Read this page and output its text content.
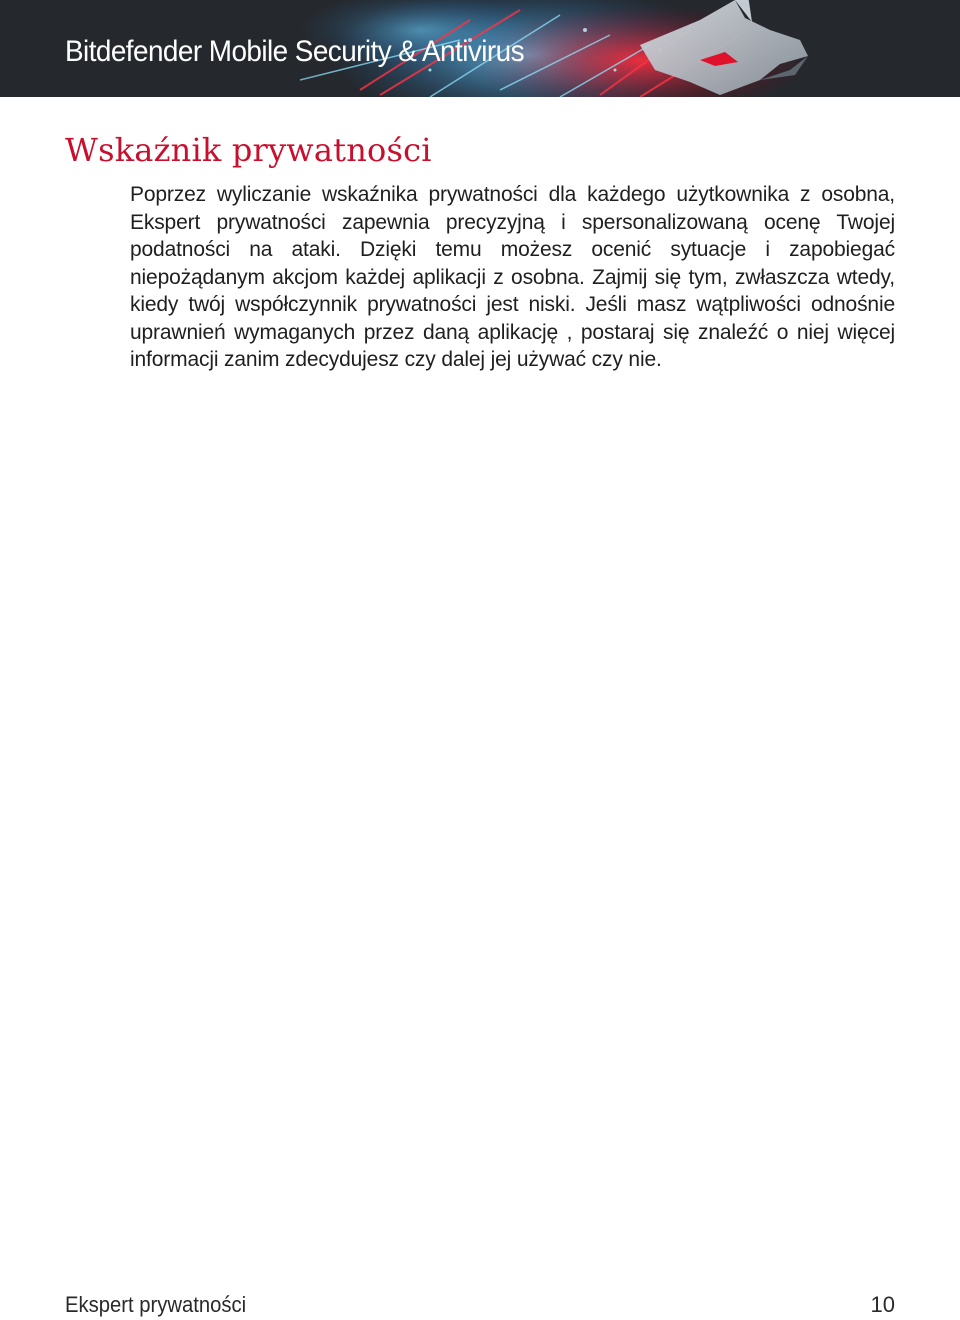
Bitdefender Mobile Security & Antivirus
Wskaźnik prywatności

Poprzez wyliczanie wskaźnika prywatności dla każdego użytkownika z osobna, Ekspert prywatności zapewnia precyzyjną i spersonalizowaną ocenę Twojej podatności na ataki. Dzięki temu możesz ocenić sytuacje i zapobiegać niepożądanym akcjom każdej aplikacji z osobna. Zajmij się tym, zwłaszcza wtedy, kiedy twój współczynnik prywatności jest niski. Jeśli masz wątpliwości odnośnie uprawnień wymaganych przez daną aplikację , postaraj się znaleźć o niej więcej informacji zanim zdecydujesz czy dalej jej używać czy nie.

Ekspert prywatności	10
